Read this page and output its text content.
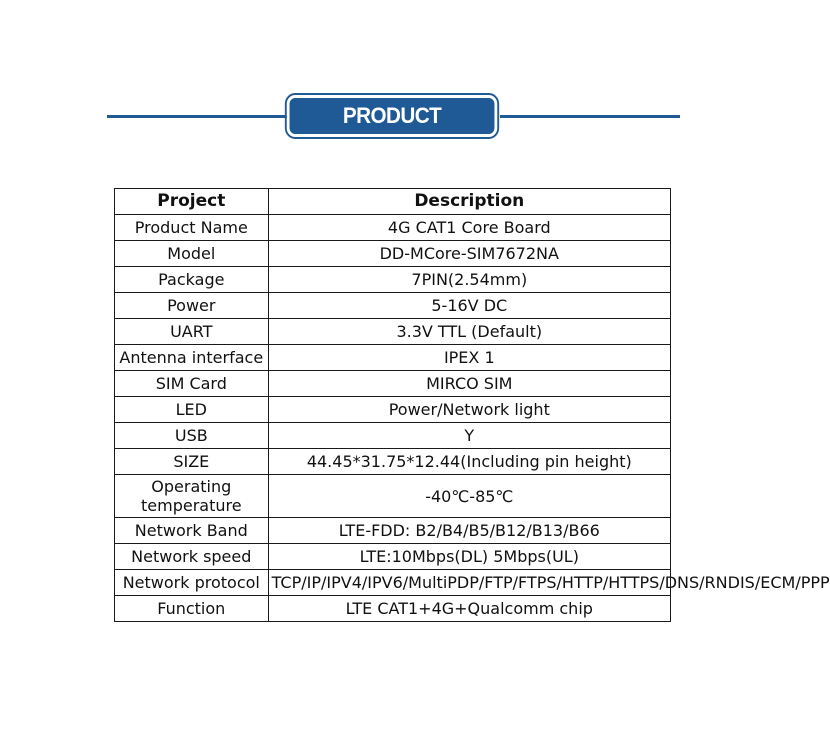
PRODUCT PARAMETERS
Project	Description
Product Name	4G CAT1 Core Board
Model	DD-MCore-SIM7672NA
Package	7PIN(2.54mm)
Power	5-16V DC
UART	3.3V TTL (Default)
Antenna interface	IPEX 1
SIM Card	MIRCO SIM
LED	Power/Network light
USB	Y
SIZE	44.45*31.75*12.44(Including pin height)
Operating temperature	-40℃-85℃
Network Band	LTE-FDD: B2/B4/B5/B12/B13/B66
Network speed	LTE:10Mbps(DL) 5Mbps(UL)
Network protocol	TCP/IP/IPV4/IPV6/MultiPDP/FTP/FTPS/HTTP/HTTPS/DNS/RNDIS/ECM/PPP
Function	LTE CAT1+4G+Qualcomm chip
